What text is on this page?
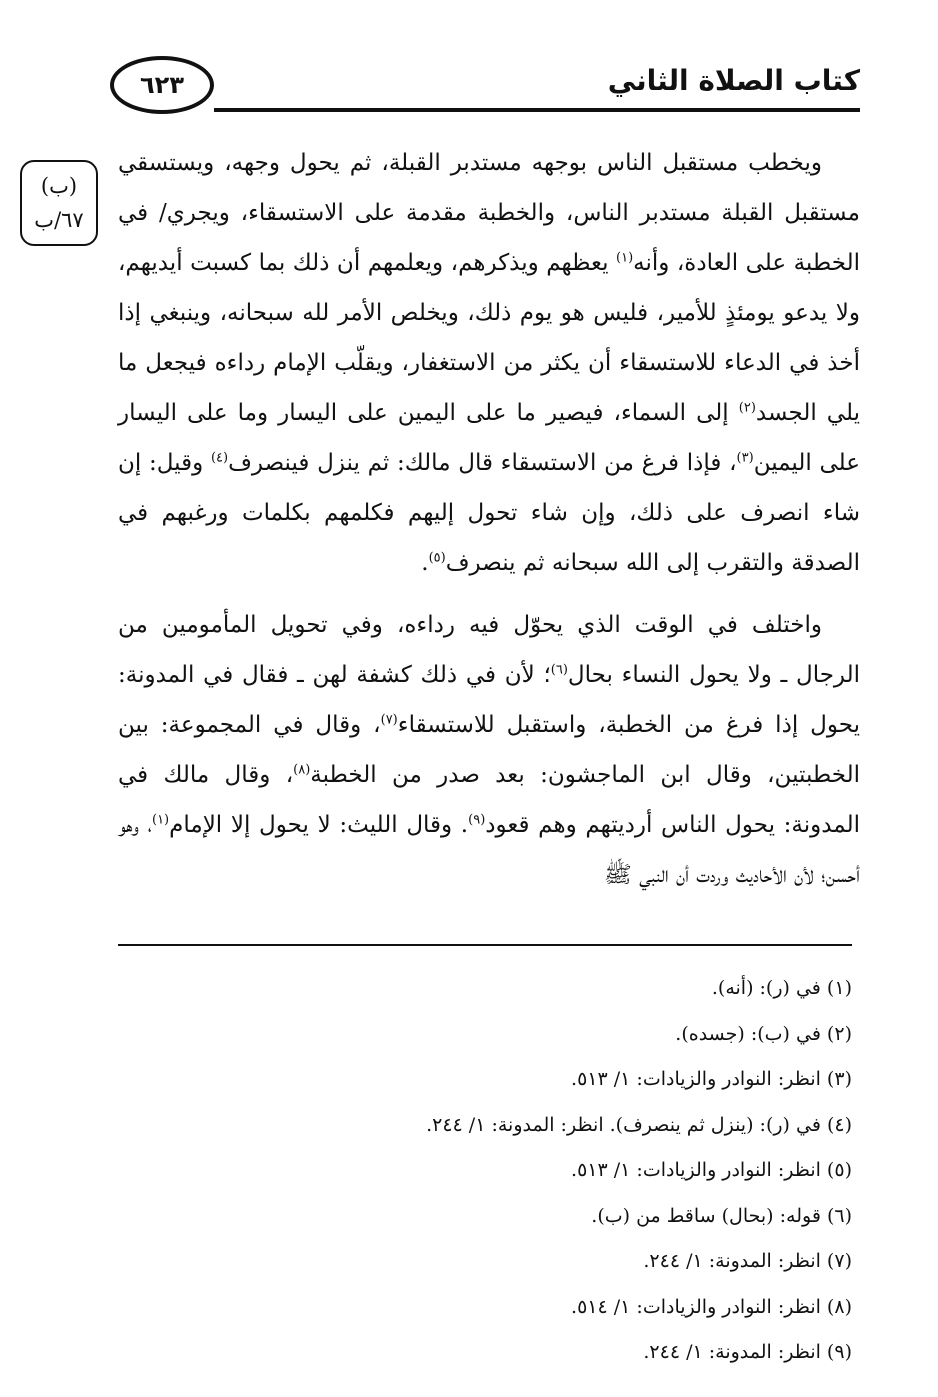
٦٢٣	كتاب الصلاة الثاني
(ب)
٦٧/ب

ويخطب مستقبل الناس بوجهه مستدبر القبلة، ثم يحول وجهه، ويستسقي مستقبل القبلة مستدبر الناس، والخطبة مقدمة على الاستسقاء، ويجري/ في الخطبة على العادة، وأنه$^{(١)}$ يعظهم ويذكرهم، ويعلمهم أن ذلك بما كسبت أيديهم، ولا يدعو يومئذٍ للأمير، فليس هو يوم ذلك، ويخلص الأمر لله سبحانه، وينبغي إذا أخذ في الدعاء للاستسقاء أن يكثر من الاستغفار، ويقلّب الإمام رداءه فيجعل ما يلي الجسد$^{(٢)}$ إلى السماء، فيصير ما على اليمين على اليسار وما على اليسار على اليمين$^{(٣)}$، فإذا فرغ من الاستسقاء قال مالك: ثم ينزل فينصرف$^{(٤)}$ وقيل: إن شاء انصرف على ذلك، وإن شاء تحول إليهم فكلمهم بكلمات ورغبهم في الصدقة والتقرب إلى الله سبحانه ثم ينصرف$^{(٥)}$.

واختلف في الوقت الذي يحوّل فيه رداءه، وفي تحويل المأمومين من الرجال ـ ولا يحول النساء بحال$^{(٦)}$؛ لأن في ذلك كشفة لهن ـ فقال في المدونة: يحول إذا فرغ من الخطبة، واستقبل للاستسقاء$^{(٧)}$، وقال في المجموعة: بين الخطبتين، وقال ابن الماجشون: بعد صدر من الخطبة$^{(٨)}$، وقال مالك في المدونة: يحول الناس أرديتهم وهم قعود$^{(٩)}$. وقال الليث: لا يحول إلا الإمام$^{(١)}$، وهو أحسن؛ لأن الأحاديث وردت أن النبي ﷺ

(١) في (ر): (أنه).

(٢) في (ب): (جسده).

(٣) انظر: النوادر والزيادات: ١/ ٥١٣.

(٤) في (ر): (ينزل ثم ينصرف). انظر: المدونة: ١/ ٢٤٤.

(٥) انظر: النوادر والزيادات: ١/ ٥١٣.

(٦) قوله: (بحال) ساقط من (ب).

(٧) انظر: المدونة: ١/ ٢٤٤.

(٨) انظر: النوادر والزيادات: ١/ ٥١٤.

(٩) انظر: المدونة: ١/ ٢٤٤.
